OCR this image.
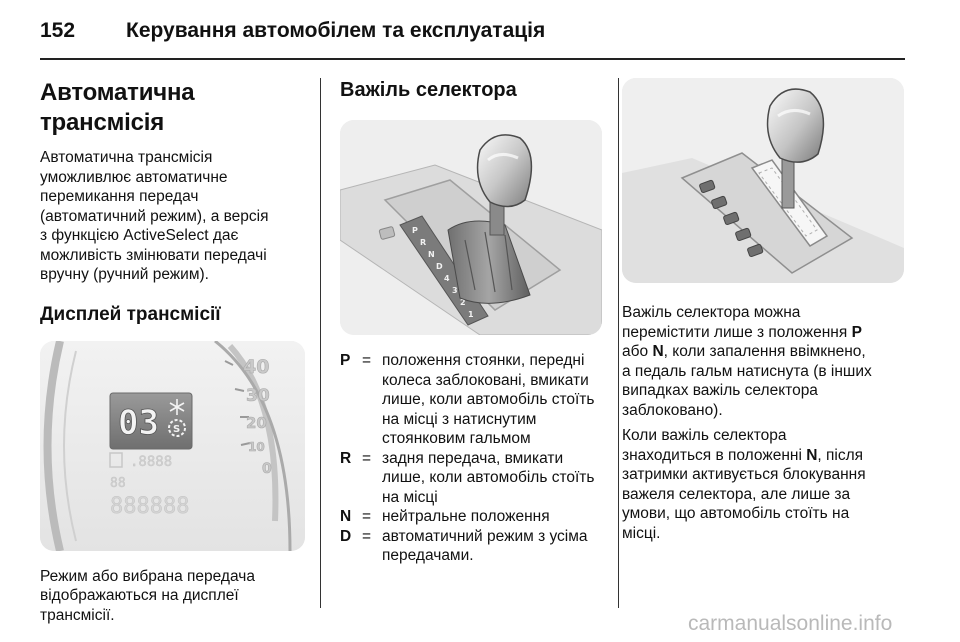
152	Керування автомобілем та експлуатація
Автоматична трансмісія
Автоматична трансмісія
уможливлює автоматичне
перемикання передач
(автоматичний режим), а версія
з функцією ActiveSelect дає
можливість змінювати передачі
вручну (ручний режим).
Дисплей трансмісії
40
30
20
10
0
03 S
.8888
88
888888
Режим або вибрана передача
відображаються на дисплеї
трансмісії.
Важіль селектора
P
R
N
D
4
3
2
1
P = положення стоянки, передні
колеса заблоковані, вмикати
лише, коли автомобіль стоїть
на місці з натиснутим
стоянковим гальмом
R = задня передача, вмикати
лише, коли автомобіль стоїть
на місці
N = нейтральне положення
D = автоматичний режим з усіма
передачами.
Важіль селектора можна
перемістити лише з положення P
або N, коли запалення ввімкнено,
а педаль гальм натиснута (в інших
випадках важіль селектора
заблоковано).
Коли важіль селектора
знаходиться в положенні N, після
затримки активується блокування
важеля селектора, але лише за
умови, що автомобіль стоїть на
місці.
carmanualsonline.info
